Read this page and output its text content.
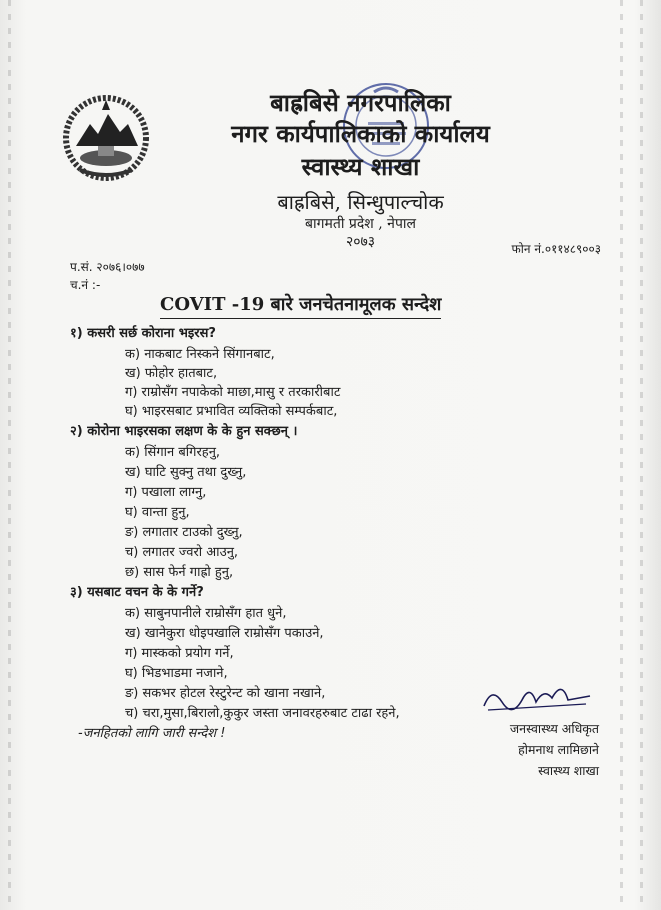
बाह्रबिसे नगरपालिका
नगर कार्यपालिकाको कार्यालय
स्वास्थ्य शाखा
बाह्रबिसे, सिन्धुपाल्चोक
बागमती प्रदेश , नेपाल
२०७३	फोन नं.०११४८९००३
प.सं. २०७६।०७७
च.नं :-
COVIT -19 बारे जनचेतनामूलक सन्देश
१) कसरी सर्छ कोराना भइरस?
क) नाकबाट निस्कने सिंगानबाट,
ख) फोहोर हातबाट,
ग) राम्रोसँग नपाकेको माछा,मासु र तरकारीबाट
घ) भाइरसबाट प्रभावित व्यक्तिको सम्पर्कबाट,
२) कोरोना भाइरसका लक्षण के के हुन सक्छन् ।
क) सिंगान बगिरहनु,
ख) घाटि सुक्नु तथा दुख्नु,
ग) पखाला लाग्नु,
घ) वान्ता हुनु,
ङ) लगातार टाउको दुख्नु,
च) लगातर ज्वरो आउनु,
छ) सास फेर्न गाह्रो हुनु,
३) यसबाट वचन के के गर्ने?
क) साबुनपानीले राम्रोसँग हात धुने,
ख) खानेकुरा धोइपखालि राम्रोसँग पकाउने,
ग) मास्कको प्रयोग गर्ने,
घ) भिडभाडमा नजाने,
ङ) सकभर होटल रेस्टुरेन्ट को खाना नखाने,
च) चरा,मुसा,बिरालो,कुकुर जस्ता जनावरहरुबाट टाढा रहने,
-जनहितको लागि जारी सन्देश !	जनस्वास्थ्य अधिकृत
होमनाथ लामिछाने
स्वास्थ्य शाखा
